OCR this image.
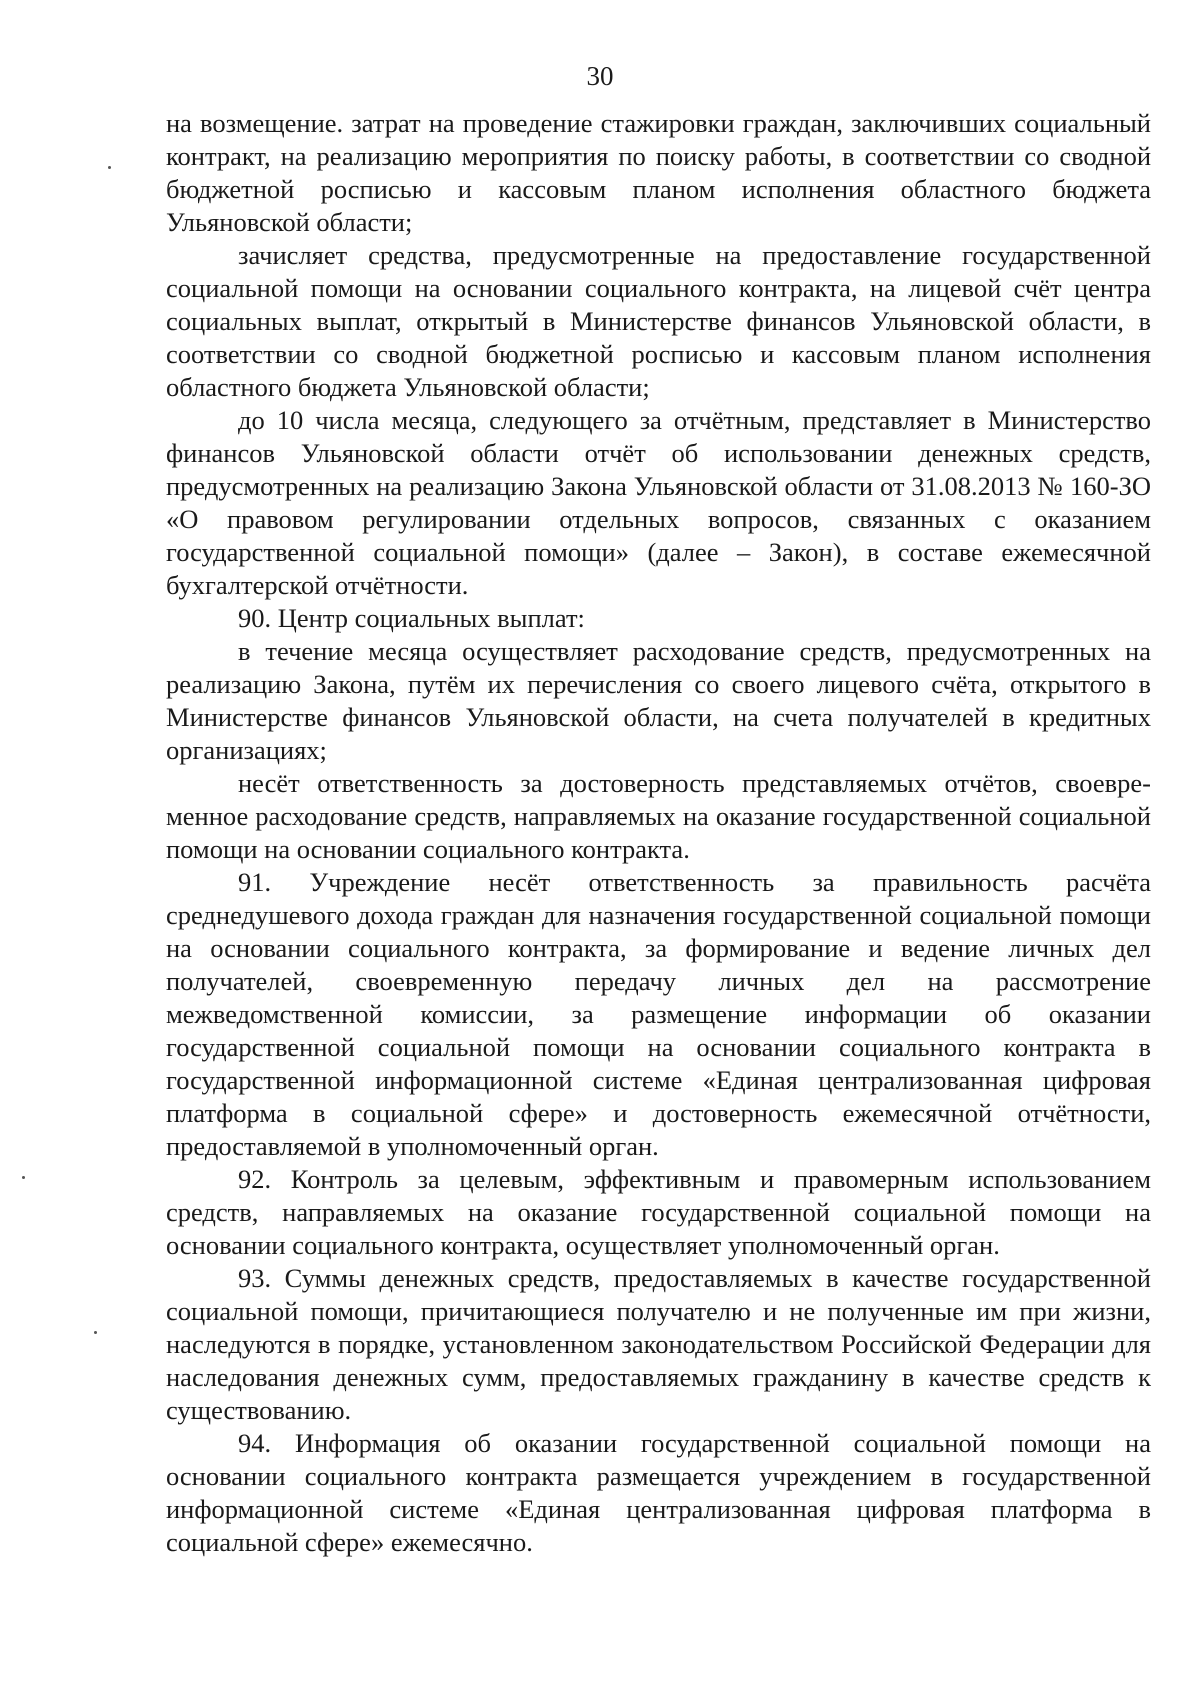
30

на возмещение. затрат на проведение стажировки граждан, заключивших социальный контракт, на реализацию мероприятия по поиску работы, в соответствии со сводной бюджетной росписью и кассовым планом исполнения областного бюджета Ульяновской области;

зачисляет средства, предусмотренные на предоставление государственной социальной помощи на основании социального контракта, на лицевой счёт центра социальных выплат, открытый в Министерстве финансов Ульяновской области, в соответствии со сводной бюджетной росписью и кассовым планом исполнения областного бюджета Ульяновской области;

до 10 числа месяца, следующего за отчётным, представляет в Министерство финансов Ульяновской области отчёт об использовании денежных средств, предусмотренных на реализацию Закона Ульяновской области от 31.08.2013 № 160-ЗО «О правовом регулировании отдельных вопросов, связанных с оказанием государственной социальной помощи» (далее – Закон), в составе ежемесячной бухгалтерской отчётности.

90. Центр социальных выплат:

в течение месяца осуществляет расходование средств, предусмотренных на реализацию Закона, путём их перечисления со своего лицевого счёта, открытого в Министерстве финансов Ульяновской области, на счета получателей в кредитных организациях;

несёт ответственность за достоверность представляемых отчётов, своевременное расходование средств, направляемых на оказание государственной социальной помощи на основании социального контракта.

91. Учреждение несёт ответственность за правильность расчёта среднедушевого дохода граждан для назначения государственной социальной помощи на основании социального контракта, за формирование и ведение личных дел получателей, своевременную передачу личных дел на рассмотрение межведомственной комиссии, за размещение информации об оказании государственной социальной помощи на основании социального контракта в государственной информационной системе «Единая централизованная цифровая платформа в социальной сфере» и достоверность ежемесячной отчётности, предоставляемой в уполномоченный орган.

92. Контроль за целевым, эффективным и правомерным использованием средств, направляемых на оказание государственной социальной помощи на основании социального контракта, осуществляет уполномоченный орган.

93. Суммы денежных средств, предоставляемых в качестве государственной социальной помощи, причитающиеся получателю и не полученные им при жизни, наследуются в порядке, установленном законодательством Российской Федерации для наследования денежных сумм, предоставляемых гражданину в качестве средств к существованию.

94. Информация об оказании государственной социальной помощи на основании социального контракта размещается учреждением в государственной информационной системе «Единая централизованная цифровая платформа в социальной сфере» ежемесячно.
